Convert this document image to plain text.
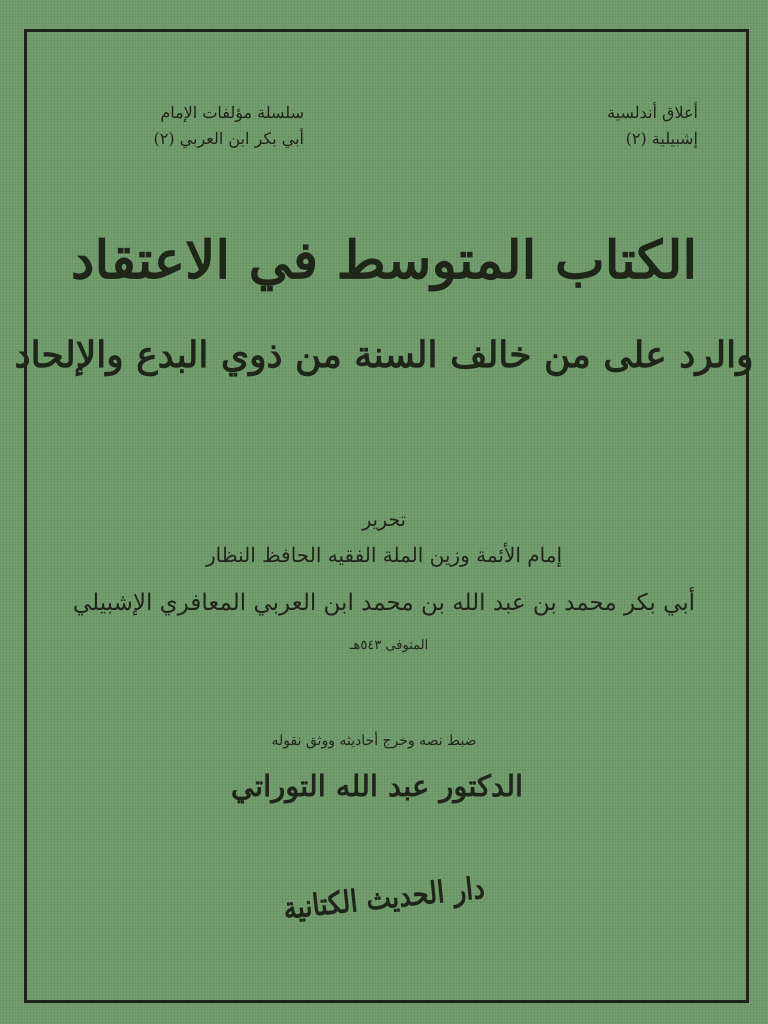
أعلاق أندلسية
إشبيلية (٢)
سلسلة مؤلفات الإمام
أبي بكر ابن العربي (٢)
الكتاب المتوسط في الاعتقاد
والرد على من خالف السنة من ذوي البدع والإلحاد
تحرير
إمام الأئمة وزين الملة الفقيه الحافظ النظار
أبي بكر محمد بن عبد الله بن محمد ابن العربي المعافري الإشبيلي
المتوفى ٥٤٣هـ
ضبط نصه وخرج أحاديثه ووثق نقوله
الدكتور عبد الله التوراتي
دار الحديث الكتانية
